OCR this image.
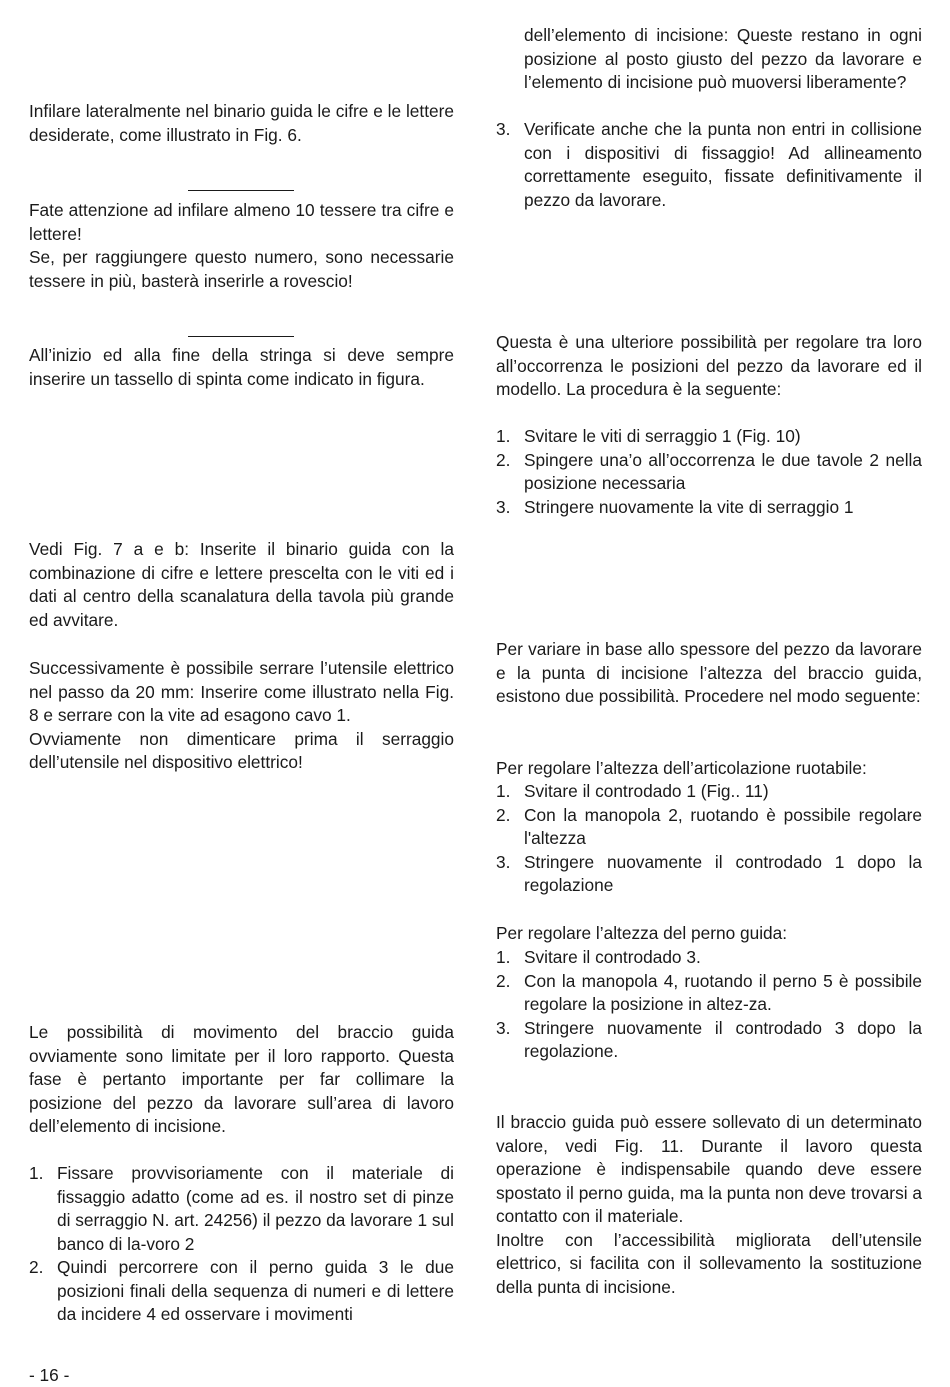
Infilare lateralmente nel binario guida le cifre e le lettere desiderate, come illustrato in Fig. 6.

Fate attenzione ad infilare almeno 10 tessere tra cifre e lettere!
Se, per raggiungere questo numero, sono necessarie tessere in più, basterà inserirle a rovescio!

All’inizio ed alla fine della stringa si deve sempre inserire un tassello di spinta come indicato in figura.

Vedi Fig. 7 a e b: Inserite il binario guida con la combinazione di cifre e lettere prescelta con le viti ed i dati al centro della scanalatura della tavola più grande ed avvitare.

Successivamente è possibile serrare l’utensile elettrico nel passo da 20 mm: Inserire come illustrato nella Fig. 8 e serrare con la vite ad esagono cavo 1.
Ovviamente non dimenticare prima il serraggio dell’utensile nel dispositivo elettrico!

Le possibilità di movimento del braccio guida ovviamente sono limitate per il loro rapporto. Questa fase è pertanto importante per far collimare la posizione del pezzo da lavorare sull’area di lavoro dell’elemento di incisione.

1. Fissare provvisoriamente con il materiale di fissaggio adatto (come ad es. il nostro set di pinze di serraggio N. art. 24256) il pezzo da lavorare 1 sul banco di la-voro 2
2. Quindi percorrere con il perno guida 3 le due posizioni finali della sequenza di numeri e di lettere da incidere 4 ed osservare i movimenti

dell’elemento di incisione: Queste restano in ogni posizione al posto giusto del pezzo da lavorare e l’elemento di incisione può muoversi liberamente?

3. Verificate anche che la punta non entri in collisione con i dispositivi di fissaggio! Ad allineamento correttamente eseguito, fissate definitivamente il pezzo da lavorare.

Questa è una ulteriore possibilità per regolare tra loro all’occorrenza le posizioni del pezzo da lavorare ed il modello. La procedura è la seguente:

1. Svitare le viti di serraggio 1 (Fig. 10)
2. Spingere una’o all’occorrenza le due tavole 2 nella posizione necessaria
3. Stringere nuovamente la vite di serraggio 1

Per variare in base allo spessore del pezzo da lavorare e la punta di incisione l’altezza del braccio guida, esistono due possibilità. Procedere nel modo seguente:

Per regolare l’altezza dell’articolazione ruotabile:

1. Svitare il controdado 1 (Fig.. 11)
2. Con la manopola 2, ruotando è possibile regolare l'altezza
3. Stringere nuovamente il controdado 1 dopo la regolazione

Per regolare l’altezza del perno guida:

1. Svitare il controdado 3.
2. Con la manopola 4, ruotando il perno 5 è possibile regolare la posizione in altez-za.
3. Stringere nuovamente il controdado 3 dopo la regolazione.
Il braccio guida può essere sollevato di un determinato valore, vedi Fig. 11. Durante il lavoro questa operazione è indispensabile quando deve essere spostato il perno guida, ma la punta non deve trovarsi a contatto con il materiale.
Inoltre con l’accessibilità migliorata dell’utensile elettrico, si facilita con il sollevamento la sostituzione della punta di incisione.
- 16 -
